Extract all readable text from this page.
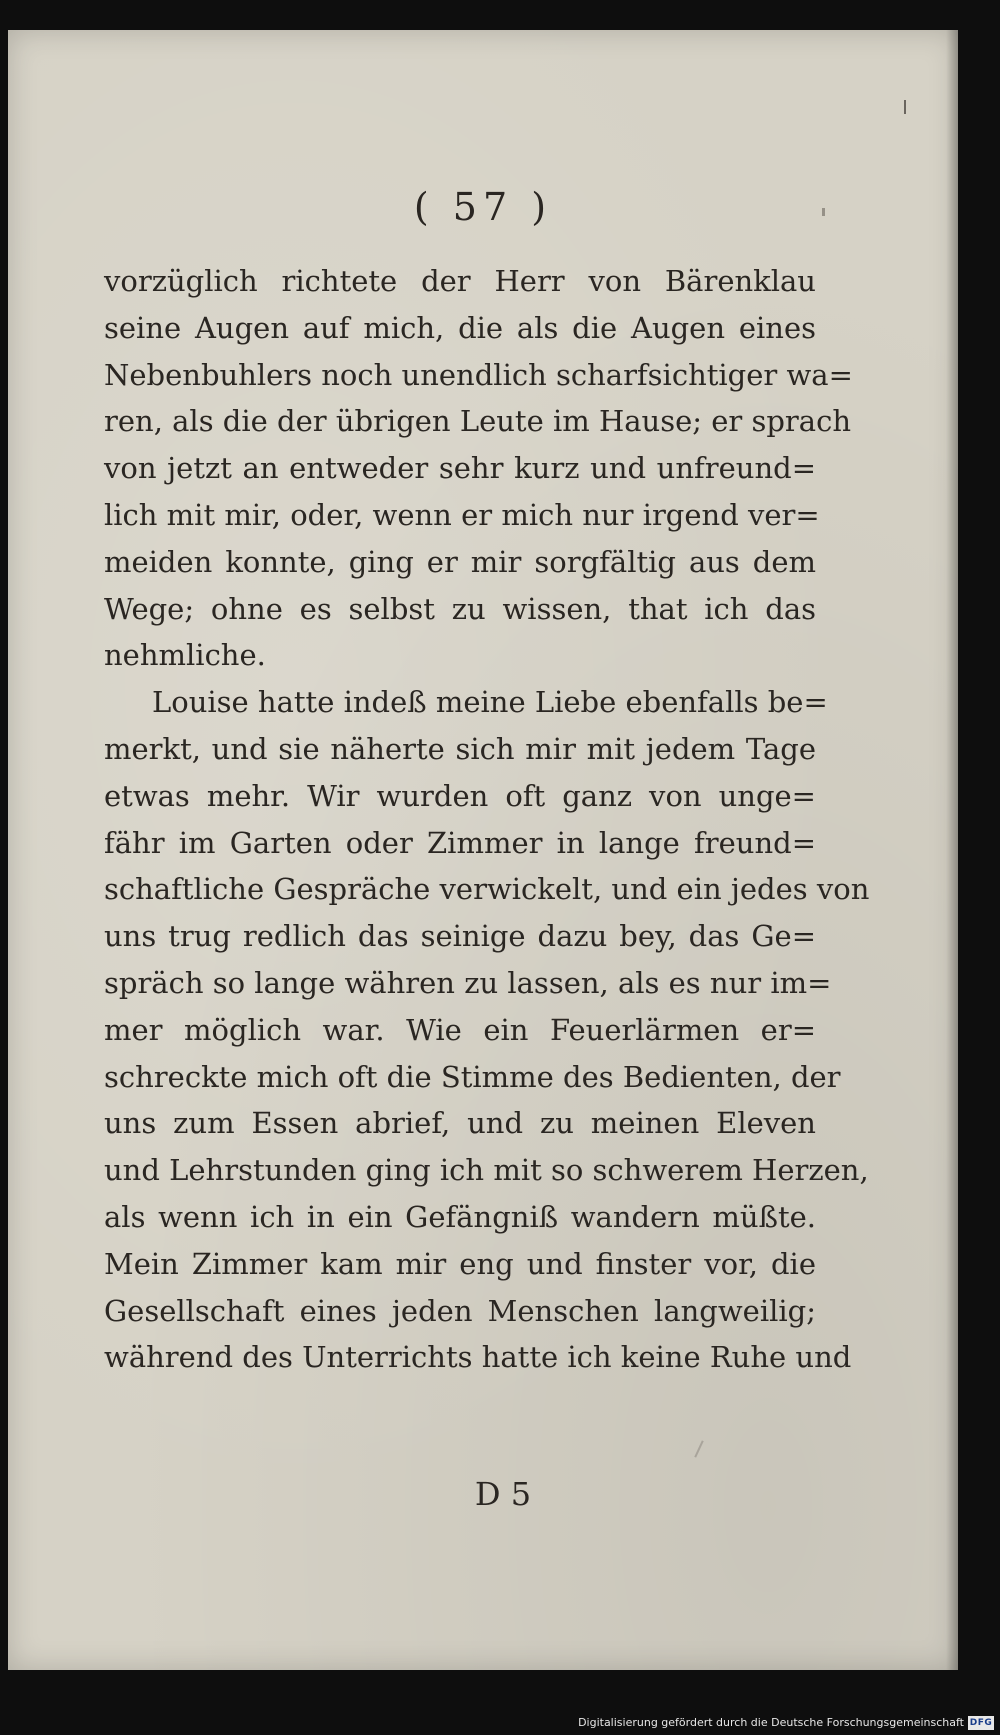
( 57 )
vorzüglich richtete der Herr von Bärenklau
seine Augen auf mich, die als die Augen eines
Nebenbuhlers noch unendlich scharfsichtiger wa=
ren, als die der übrigen Leute im Hause; er sprach
von jetzt an entweder sehr kurz und unfreund=
lich mit mir, oder, wenn er mich nur irgend ver=
meiden konnte, ging er mir sorgfältig aus dem
Wege; ohne es selbst zu wissen, that ich das
nehmliche.
Louise hatte indeß meine Liebe ebenfalls be=
merkt, und sie näherte sich mir mit jedem Tage
etwas mehr. Wir wurden oft ganz von unge=
fähr im Garten oder Zimmer in lange freund=
schaftliche Gespräche verwickelt, und ein jedes von
uns trug redlich das seinige dazu bey, das Ge=
spräch so lange währen zu lassen, als es nur im=
mer möglich war. Wie ein Feuerlärmen er=
schreckte mich oft die Stimme des Bedienten, der
uns zum Essen abrief, und zu meinen Eleven
und Lehrstunden ging ich mit so schwerem Herzen,
als wenn ich in ein Gefängniß wandern müßte.
Mein Zimmer kam mir eng und finster vor, die
Gesellschaft eines jeden Menschen langweilig;
während des Unterrichts hatte ich keine Ruhe und
D 5
Digitalisierung gefördert durch die Deutsche Forschungsgemeinschaft DFG
